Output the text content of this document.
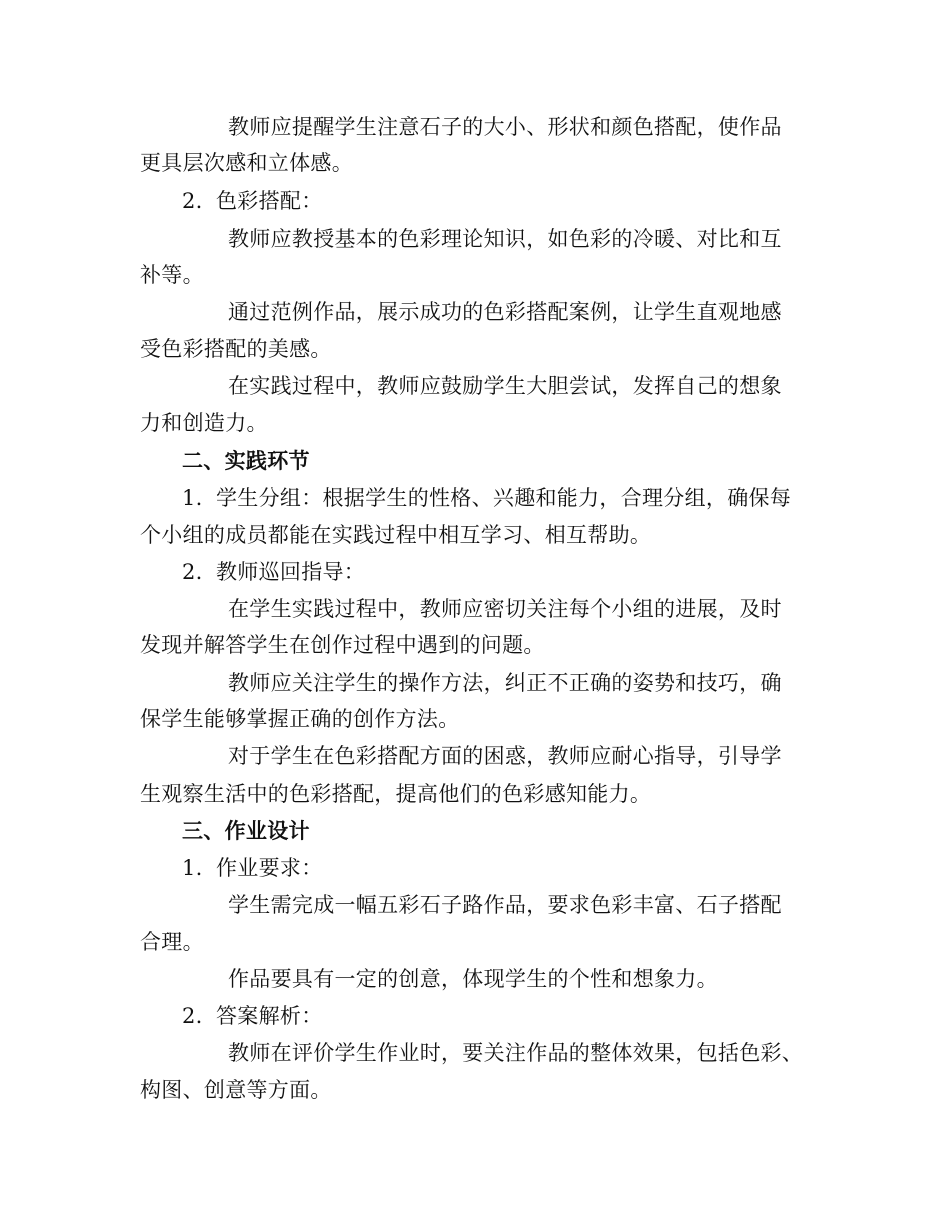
教师应提醒学生注意石子的大小、形状和颜色搭配，使作品
更具层次感和立体感。
2. 色彩搭配：
教师应教授基本的色彩理论知识，如色彩的冷暖、对比和互
补等。
通过范例作品，展示成功的色彩搭配案例，让学生直观地感
受色彩搭配的美感。
在实践过程中，教师应鼓励学生大胆尝试，发挥自己的想象
力和创造力。
二、实践环节
1. 学生分组：根据学生的性格、兴趣和能力，合理分组，确保每
个小组的成员都能在实践过程中相互学习、相互帮助。
2. 教师巡回指导：
在学生实践过程中，教师应密切关注每个小组的进展，及时
发现并解答学生在创作过程中遇到的问题。
教师应关注学生的操作方法，纠正不正确的姿势和技巧，确
保学生能够掌握正确的创作方法。
对于学生在色彩搭配方面的困惑，教师应耐心指导，引导学
生观察生活中的色彩搭配，提高他们的色彩感知能力。
三、作业设计
1. 作业要求：
学生需完成一幅五彩石子路作品，要求色彩丰富、石子搭配
合理。
作品要具有一定的创意，体现学生的个性和想象力。
2. 答案解析：
教师在评价学生作业时，要关注作品的整体效果，包括色彩、
构图、创意等方面。
